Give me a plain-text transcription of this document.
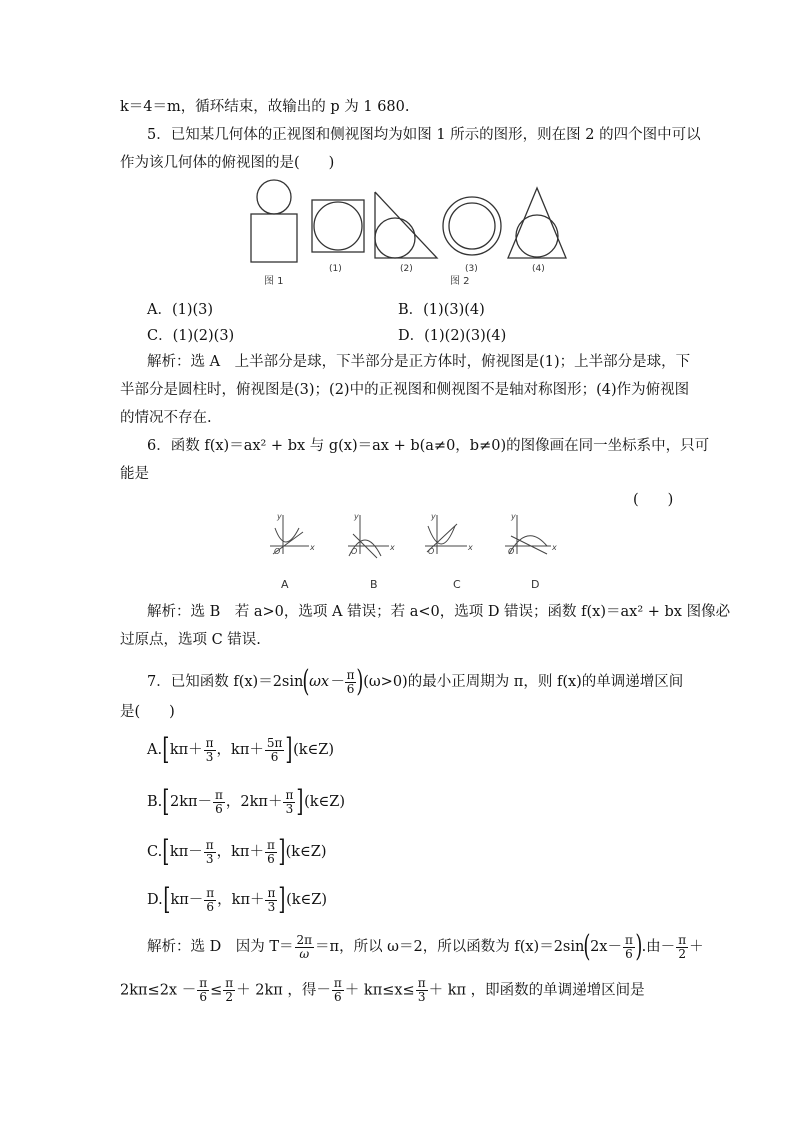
k＝4＝m，循环结束，故输出的 p 为 1 680.
5．已知某几何体的正视图和侧视图均为如图 1 所示的图形，则在图 2 的四个图中可以
作为该几何体的俯视图的是(　　)
图 1
(1)	(2)	(3)	(4)
图 2
A．(1)(3)	B．(1)(3)(4)
C．(1)(2)(3)	D．(1)(2)(3)(4)
解析：选 A　上半部分是球，下半部分是正方体时，俯视图是(1)；上半部分是球，下
半部分是圆柱时，俯视图是(3)；(2)中的正视图和侧视图不是轴对称图形；(4)作为俯视图
的情况不存在.
6．函数 f(x)＝ax² + bx 与 g(x)＝ax + b(a≠0，b≠0)的图像画在同一坐标系中，只可
能是
(　　)
y
O	x
y
O	x
y
O	x
y
O	x
A	B	C	D
解析：选 B　若 a>0，选项 A 错误；若 a<0，选项 D 错误；函数 f(x)＝ax² + bx 图像必
过原点，选项 C 错误.
7．已知函数 $f(x)=2\sin(\omega x- \frac{\pi}{6} )(\omega>0)$的最小正周期为 π，则 f(x)的单调递增区间
是(　　)
$A.[k\pi+ \frac{\pi}{3}$ ，$k\pi+ \frac{5\pi}{6}$ ](k∈Z)
$B.[2k\pi- \frac{\pi}{6}$ ，$2k\pi+ \frac{\pi}{3}$ ](k∈Z)
$C.[k\pi- \frac{\pi}{3}$ ，$k\pi+ \frac{\pi}{6}$ ](k∈Z)
$D.[k\pi- \frac{\pi}{6}$ ，$k\pi+ \frac{\pi}{3}$ ](k∈Z)
解析：选 D　因为 $T= \frac{2\pi}{\omega} =\pi$，所以 ω＝2，所以函数为 $f(x)=2\sin(2x- \frac{\pi}{6}$ ).由－ $\frac{\pi}{2}$ ＋
$2k\pi\le 2x - \frac{\pi}{6} \le \frac{\pi}{2} + 2k\pi$ ，得－ $\frac{\pi}{6} + k\pi\le x\le \frac{\pi}{3} + k\pi$ ，即函数的单调递增区间是
